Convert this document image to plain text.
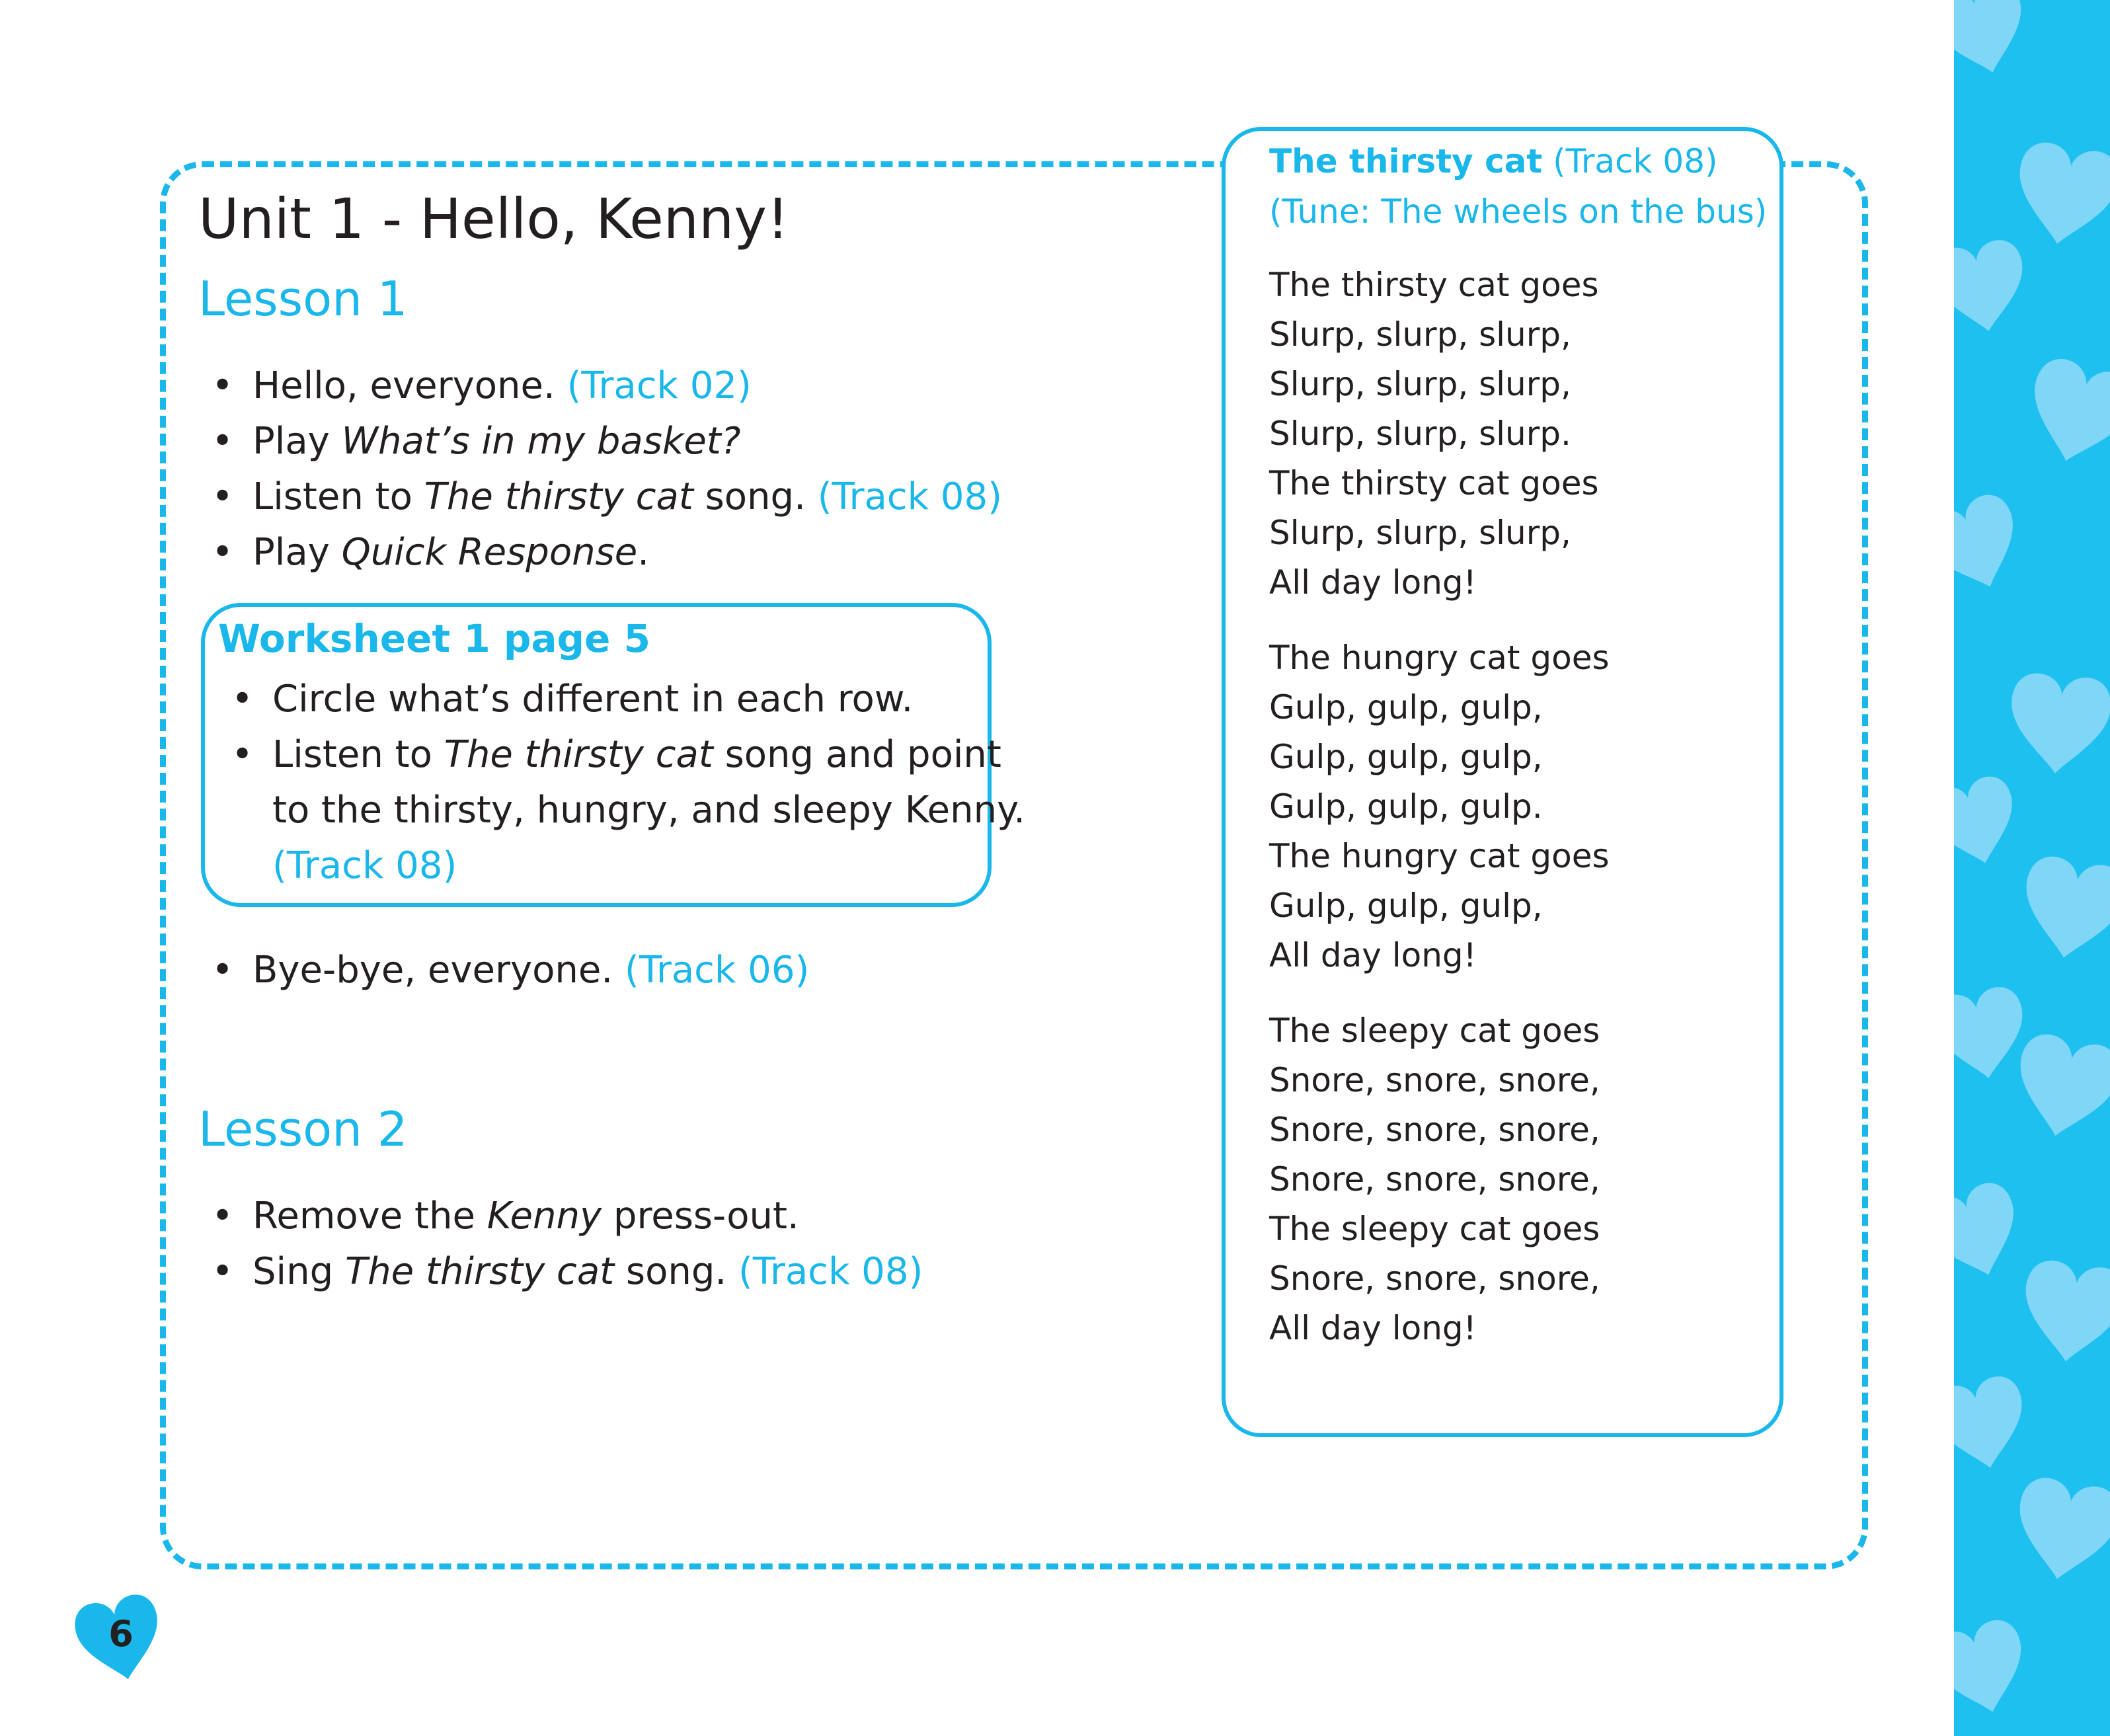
Unit 1 - Hello, Kenny!
Lesson 1
• Hello, everyone. (Track 02)
• Play What’s in my basket?
• Listen to The thirsty cat song. (Track 08)
• Play Quick Response.
Worksheet 1 page 5
• Circle what’s different in each row.
• Listen to The thirsty cat song and point
to the thirsty, hungry, and sleepy Kenny.
(Track 08)
• Bye-bye, everyone. (Track 06)
Lesson 2
• Remove the Kenny press-out.
• Sing The thirsty cat song. (Track 08)
The thirsty cat (Track 08)
(Tune: The wheels on the bus)

The thirsty cat goes
Slurp, slurp, slurp,
Slurp, slurp, slurp,
Slurp, slurp, slurp.
The thirsty cat goes
Slurp, slurp, slurp,
All day long!

The hungry cat goes
Gulp, gulp, gulp,
Gulp, gulp, gulp,
Gulp, gulp, gulp.
The hungry cat goes
Gulp, gulp, gulp,
All day long!

The sleepy cat goes
Snore, snore, snore,
Snore, snore, snore,
Snore, snore, snore,
The sleepy cat goes
Snore, snore, snore,
All day long!

6
